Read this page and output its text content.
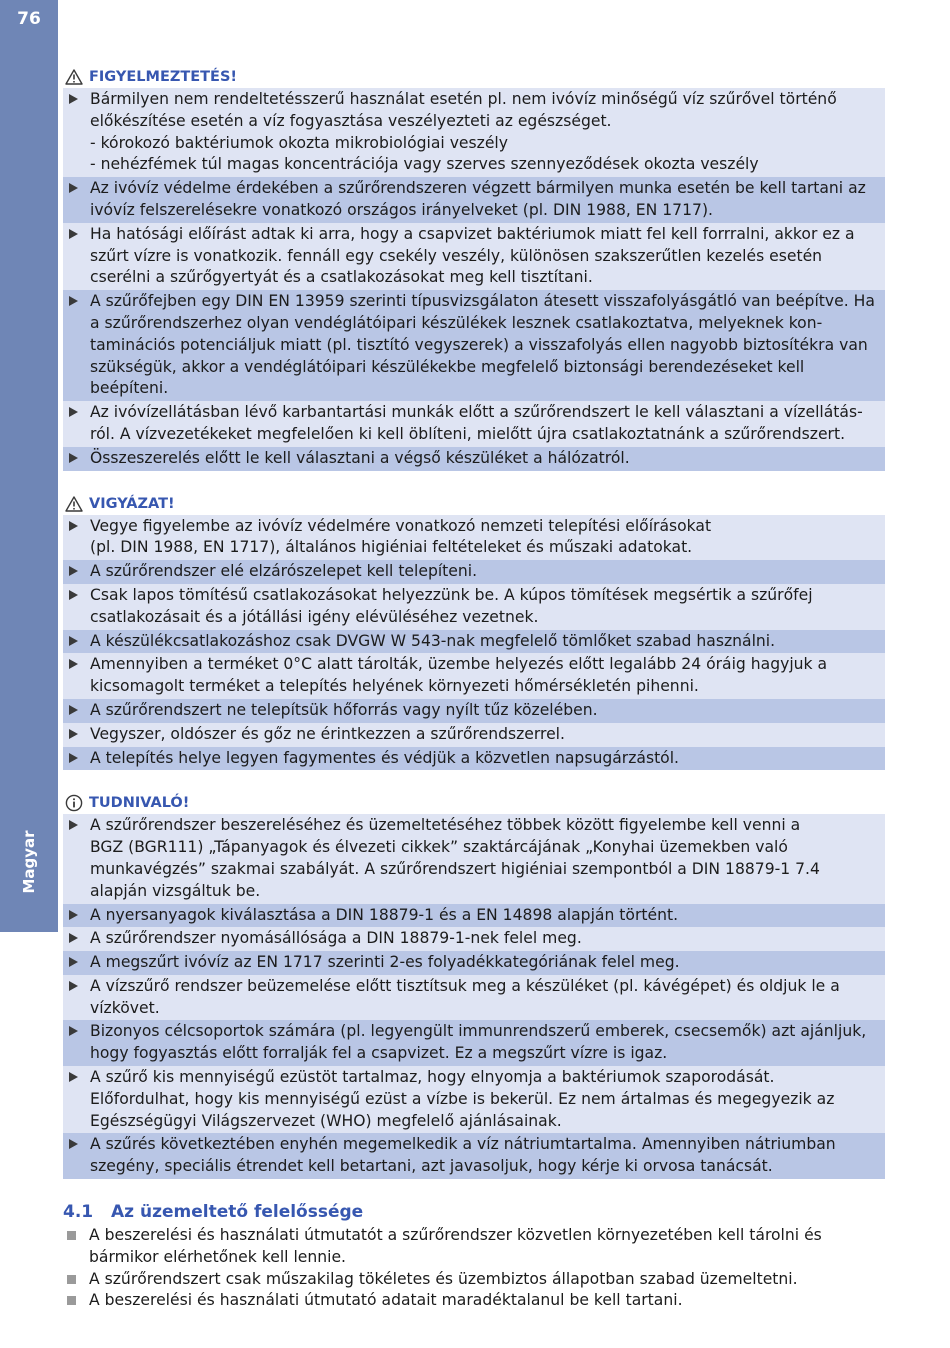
76
Magyar
FIGYELMEZTETÉS!
Bármilyen nem rendeltetésszerű használat esetén pl. nem ivóvíz minőségű víz szűrővel történő előkészítése esetén a víz fogyasztása veszélyezteti az egészséget.
- kórokozó baktériumok okozta mikrobiológiai veszély
- nehézfémek túl magas koncentrációja vagy szerves szennyeződések okozta veszély
Az ivóvíz védelme érdekében a szűrőrendszeren végzett bármilyen munka esetén be kell tartani az ivóvíz felszerelésekre vonatkozó országos irányelveket (pl. DIN 1988, EN 1717).
Ha hatósági előírást adtak ki arra, hogy a csapvizet baktériumok miatt fel kell forrralni, akkor ez a szűrt vízre is vonatkozik. fennáll egy csekély veszély, különösen szakszerűtlen kezelés esetén cserélni a szűrőgyertyát és a csatlakozásokat meg kell tisztítani.
A szűrőfejben egy DIN EN 13959 szerinti típusvizsgálaton átesett visszafolyásgátló van beépítve. Ha a szűrőrendszerhez olyan vendéglátóipari készülékek lesznek csatlakoztatva, melyeknek kon-taminációs potenciáljuk miatt (pl. tisztító vegyszerek) a visszafolyás ellen nagyobb biztosítékra van szükségük, akkor a vendéglátóipari készülékekbe megfelelő biztonsági berendezéseket kell beépíteni.
Az ivóvízellátásban lévő karbantartási munkák előtt a szűrőrendszert le kell választani a vízellátás-ról. A vízvezetékeket megfelelően ki kell öblíteni, mielőtt újra csatlakoztatnánk a szűrőrendszert.
Összeszerelés előtt le kell választani a végső készüléket a hálózatról.
VIGYÁZAT!
Vegye figyelembe az ivóvíz védelmére vonatkozó nemzeti telepítési előírásokat
(pl. DIN 1988, EN 1717), általános higiéniai feltételeket és műszaki adatokat.
A szűrőrendszer elé elzárószelepet kell telepíteni.
Csak lapos tömítésű csatlakozásokat helyezzünk be. A kúpos tömítések megsértik a szűrőfej csatlakozásait és a jótállási igény elévüléséhez vezetnek.
A készülékcsatlakozáshoz csak DVGW W 543-nak megfelelő tömlőket szabad használni.
Amennyiben a terméket 0°C alatt tárolták, üzembe helyezés előtt legalább 24 óráig hagyjuk a kicsomagolt terméket a telepítés helyének környezeti hőmérsékletén pihenni.
A szűrőrendszert ne telepítsük hőforrás vagy nyílt tűz közelében.
Vegyszer, oldószer és gőz ne érintkezzen a szűrőrendszerrel.
A telepítés helye legyen fagymentes és védjük a közvetlen napsugárzástól.
TUDNIVALÓ!
A szűrőrendszer beszereléséhez és üzemeltetéséhez többek között figyelembe kell venni a
BGZ (BGR111) „Tápanyagok és élvezeti cikkek” szaktárcájának „Konyhai üzemekben való munkavégzés” szakmai szabályát. A szűrőrendszert higiéniai szempontból a DIN 18879-1 7.4 alapján vizsgáltuk be.
A nyersanyagok kiválasztása a DIN 18879-1 és a EN 14898 alapján történt.
A szűrőrendszer nyomásállósága a DIN 18879-1-nek felel meg.
A megszűrt ivóvíz az EN 1717 szerinti 2-es folyadékkategóriának felel meg.
A vízszűrő rendszer beüzemelése előtt tisztítsuk meg a készüléket (pl. kávégépet) és oldjuk le a vízkövet.
Bizonyos célcsoportok számára (pl. legyengült immunrendszerű emberek, csecsemők) azt ajánljuk, hogy fogyasztás előtt forralják fel a csapvizet. Ez a megszűrt vízre is igaz.
A szűrő kis mennyiségű ezüstöt tartalmaz, hogy elnyomja a baktériumok szaporodását.
Előfordulhat, hogy kis mennyiségű ezüst a vízbe is bekerül. Ez nem ártalmas és megegyezik az Egészségügyi Világszervezet (WHO) megfelelő ajánlásainak.
A szűrés következtében enyhén megemelkedik a víz nátriumtartalma. Amennyiben nátriumban szegény, speciális étrendet kell betartani, azt javasoljuk, hogy kérje ki orvosa tanácsát.
4.1 Az üzemeltető felelőssége
A beszerelési és használati útmutatót a szűrőrendszer közvetlen környezetében kell tárolni és bármikor elérhetőnek kell lennie.
A szűrőrendszert csak műszakilag tökéletes és üzembiztos állapotban szabad üzemeltetni.
A beszerelési és használati útmutató adatait maradéktalanul be kell tartani.
